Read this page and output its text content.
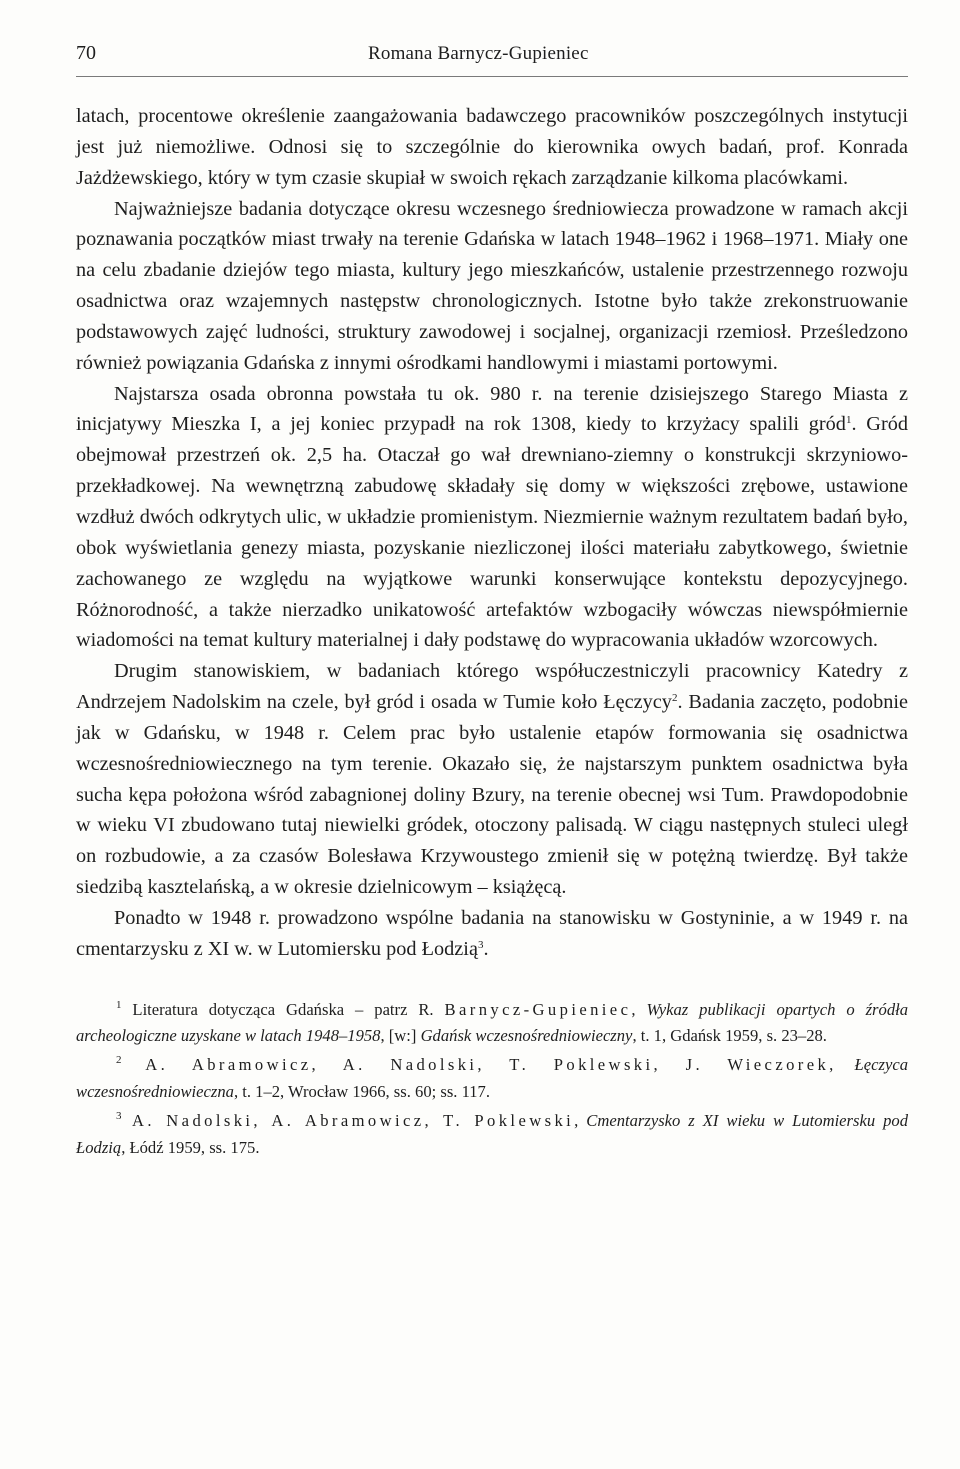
70	Romana Barnycz-Gupieniec

latach, procentowe określenie zaangażowania badawczego pracowników poszczególnych instytucji jest już niemożliwe. Odnosi się to szczególnie do kierownika owych badań, prof. Konrada Jażdżewskiego, który w tym czasie skupiał w swoich rękach zarządzanie kilkoma placówkami.

Najważniejsze badania dotyczące okresu wczesnego średniowiecza prowadzone w ramach akcji poznawania początków miast trwały na terenie Gdańska w latach 1948–1962 i 1968–1971. Miały one na celu zbadanie dziejów tego miasta, kultury jego mieszkańców, ustalenie przestrzennego rozwoju osadnictwa oraz wzajemnych następstw chronologicznych. Istotne było także zrekonstruowanie podstawowych zajęć ludności, struktury zawodowej i socjalnej, organizacji rzemiosł. Prześledzono również powiązania Gdańska z innymi ośrodkami handlowymi i miastami portowymi.

Najstarsza osada obronna powstała tu ok. 980 r. na terenie dzisiejszego Starego Miasta z inicjatywy Mieszka I, a jej koniec przypadł na rok 1308, kiedy to krzyżacy spalili gród$^1$. Gród obejmował przestrzeń ok. 2,5 ha. Otaczał go wał drewniano-ziemny o konstrukcji skrzyniowo-przekładkowej. Na wewnętrzną zabudowę składały się domy w większości zrębowe, ustawione wzdłuż dwóch odkrytych ulic, w układzie promienistym. Niezmiernie ważnym rezultatem badań było, obok wyświetlania genezy miasta, pozyskanie niezliczonej ilości materiału zabytkowego, świetnie zachowanego ze względu na wyjątkowe warunki konserwujące kontekstu depozycyjnego. Różnorodność, a także nierzadko unikatowość artefaktów wzbogaciły wówczas niewspółmiernie wiadomości na temat kultury materialnej i dały podstawę do wypracowania układów wzorcowych.

Drugim stanowiskiem, w badaniach którego współuczestniczyli pracownicy Katedry z Andrzejem Nadolskim na czele, był gród i osada w Tumie koło Łęczycy$^2$. Badania zaczęto, podobnie jak w Gdańsku, w 1948 r. Celem prac było ustalenie etapów formowania się osadnictwa wczesnośredniowiecznego na tym terenie. Okazało się, że najstarszym punktem osadnictwa była sucha kępa położona wśród zabagnionej doliny Bzury, na terenie obecnej wsi Tum. Prawdopodobnie w wieku VI zbudowano tutaj niewielki gródek, otoczony palisadą. W ciągu następnych stuleci uległ on rozbudowie, a za czasów Bolesława Krzywoustego zmienił się w potężną twierdzę. Był także siedzibą kasztelańską, a w okresie dzielnicowym – książęcą.

Ponadto w 1948 r. prowadzono wspólne badania na stanowisku w Gostyninie, a w 1949 r. na cmentarzysku z XI w. w Lutomiersku pod Łodzią$^3$.

$^1$ Literatura dotycząca Gdańska – patrz R. Barnycz-Gupieniec, Wykaz publikacji opartych o źródła archeologiczne uzyskane w latach 1948–1958, [w:] Gdańsk wczesnośredniowieczny, t. 1, Gdańsk 1959, s. 23–28.

$^2$ A. Abramowicz, A. Nadolski, T. Poklewski, J. Wieczorek, Łęczyca wczesnośredniowieczna, t. 1–2, Wrocław 1966, ss. 60; ss. 117.

$^3$ A. Nadolski, A. Abramowicz, T. Poklewski, Cmentarzysko z XI wieku w Lutomiersku pod Łodzią, Łódź 1959, ss. 175.
